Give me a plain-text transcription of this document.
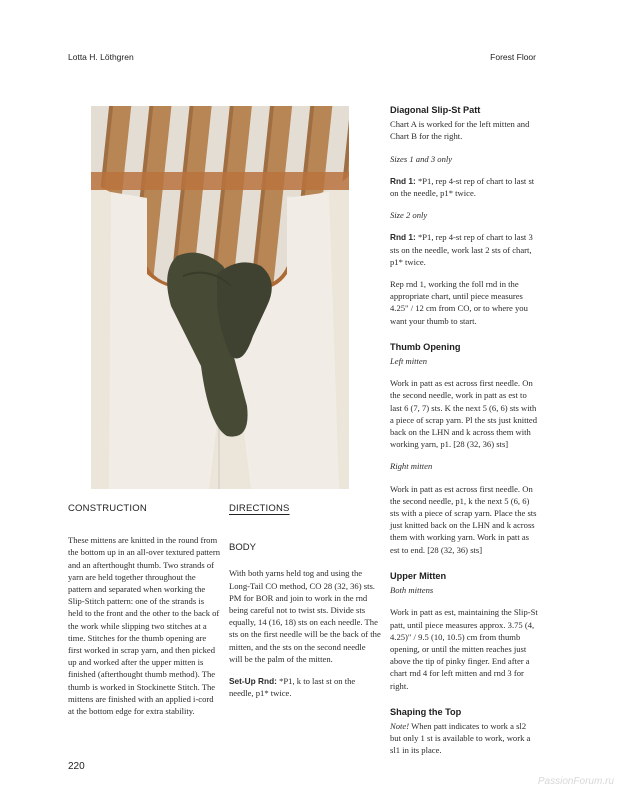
Lotta H. Löthgren	Forest Floor
CONSTRUCTION

These mittens are knitted in the round from the bottom up in an all-over textured pattern and an afterthought thumb. Two strands of yarn are held together throughout the pattern and separated when working the Slip-Stitch pattern: one of the strands is held to the front and the other to the back of the work while slipping two stitches at a time. Stitches for the thumb opening are first worked in scrap yarn, and then picked up and worked after the upper mitten is finished (afterthought thumb method). The thumb is worked in Stockinette Stitch. The mittens are finished with an applied i-cord at the bottom edge for extra stability.

DIRECTIONS
BODY

With both yarns held tog and using the Long-Tail CO method, CO 28 (32, 36) sts. PM for BOR and join to work in the rnd being careful not to twist sts. Divide sts equally, 14 (16, 18) sts on each needle. The sts on the first needle will be the back of the mitten, and the sts on the second needle will be the palm of the mitten.

Set-Up Rnd: *P1, k to last st on the needle, p1* twice.

Diagonal Slip-St Patt

Chart A is worked for the left mitten and Chart B for the right.

Sizes 1 and 3 only

Rnd 1: *P1, rep 4-st rep of chart to last st on the needle, p1* twice.

Size 2 only

Rnd 1: *P1, rep 4-st rep of chart to last 3 sts on the needle, work last 2 sts of chart, p1* twice.

Rep rnd 1, working the foll rnd in the appropriate chart, until piece measures 4.25" / 12 cm from CO, or to where you want your thumb to start.

Thumb Opening

Left mitten

Work in patt as est across first needle. On the second needle, work in patt as est to last 6 (7, 7) sts. K the next 5 (6, 6) sts with a piece of scrap yarn. Pl the sts just knitted back on the LHN and k across them with working yarn, p1. [28 (32, 36) sts]

Right mitten

Work in patt as est across first needle. On the second needle, p1, k the next 5 (6, 6) sts with a piece of scrap yarn. Place the sts just knitted back on the LHN and k across them with working yarn. Work in patt as est to end. [28 (32, 36) sts]

Upper Mitten

Both mittens

Work in patt as est, maintaining the Slip-St patt, until piece measures approx. 3.75 (4, 4.25)" / 9.5 (10, 10.5) cm from thumb opening, or until the mitten reaches just above the tip of pinky finger. End after a chart rnd 4 for left mitten and rnd 3 for right.

Shaping the Top

Note! When patt indicates to work a sl2 but only 1 st is available to work, work a sl1 in its place.

220
PassionForum.ru
